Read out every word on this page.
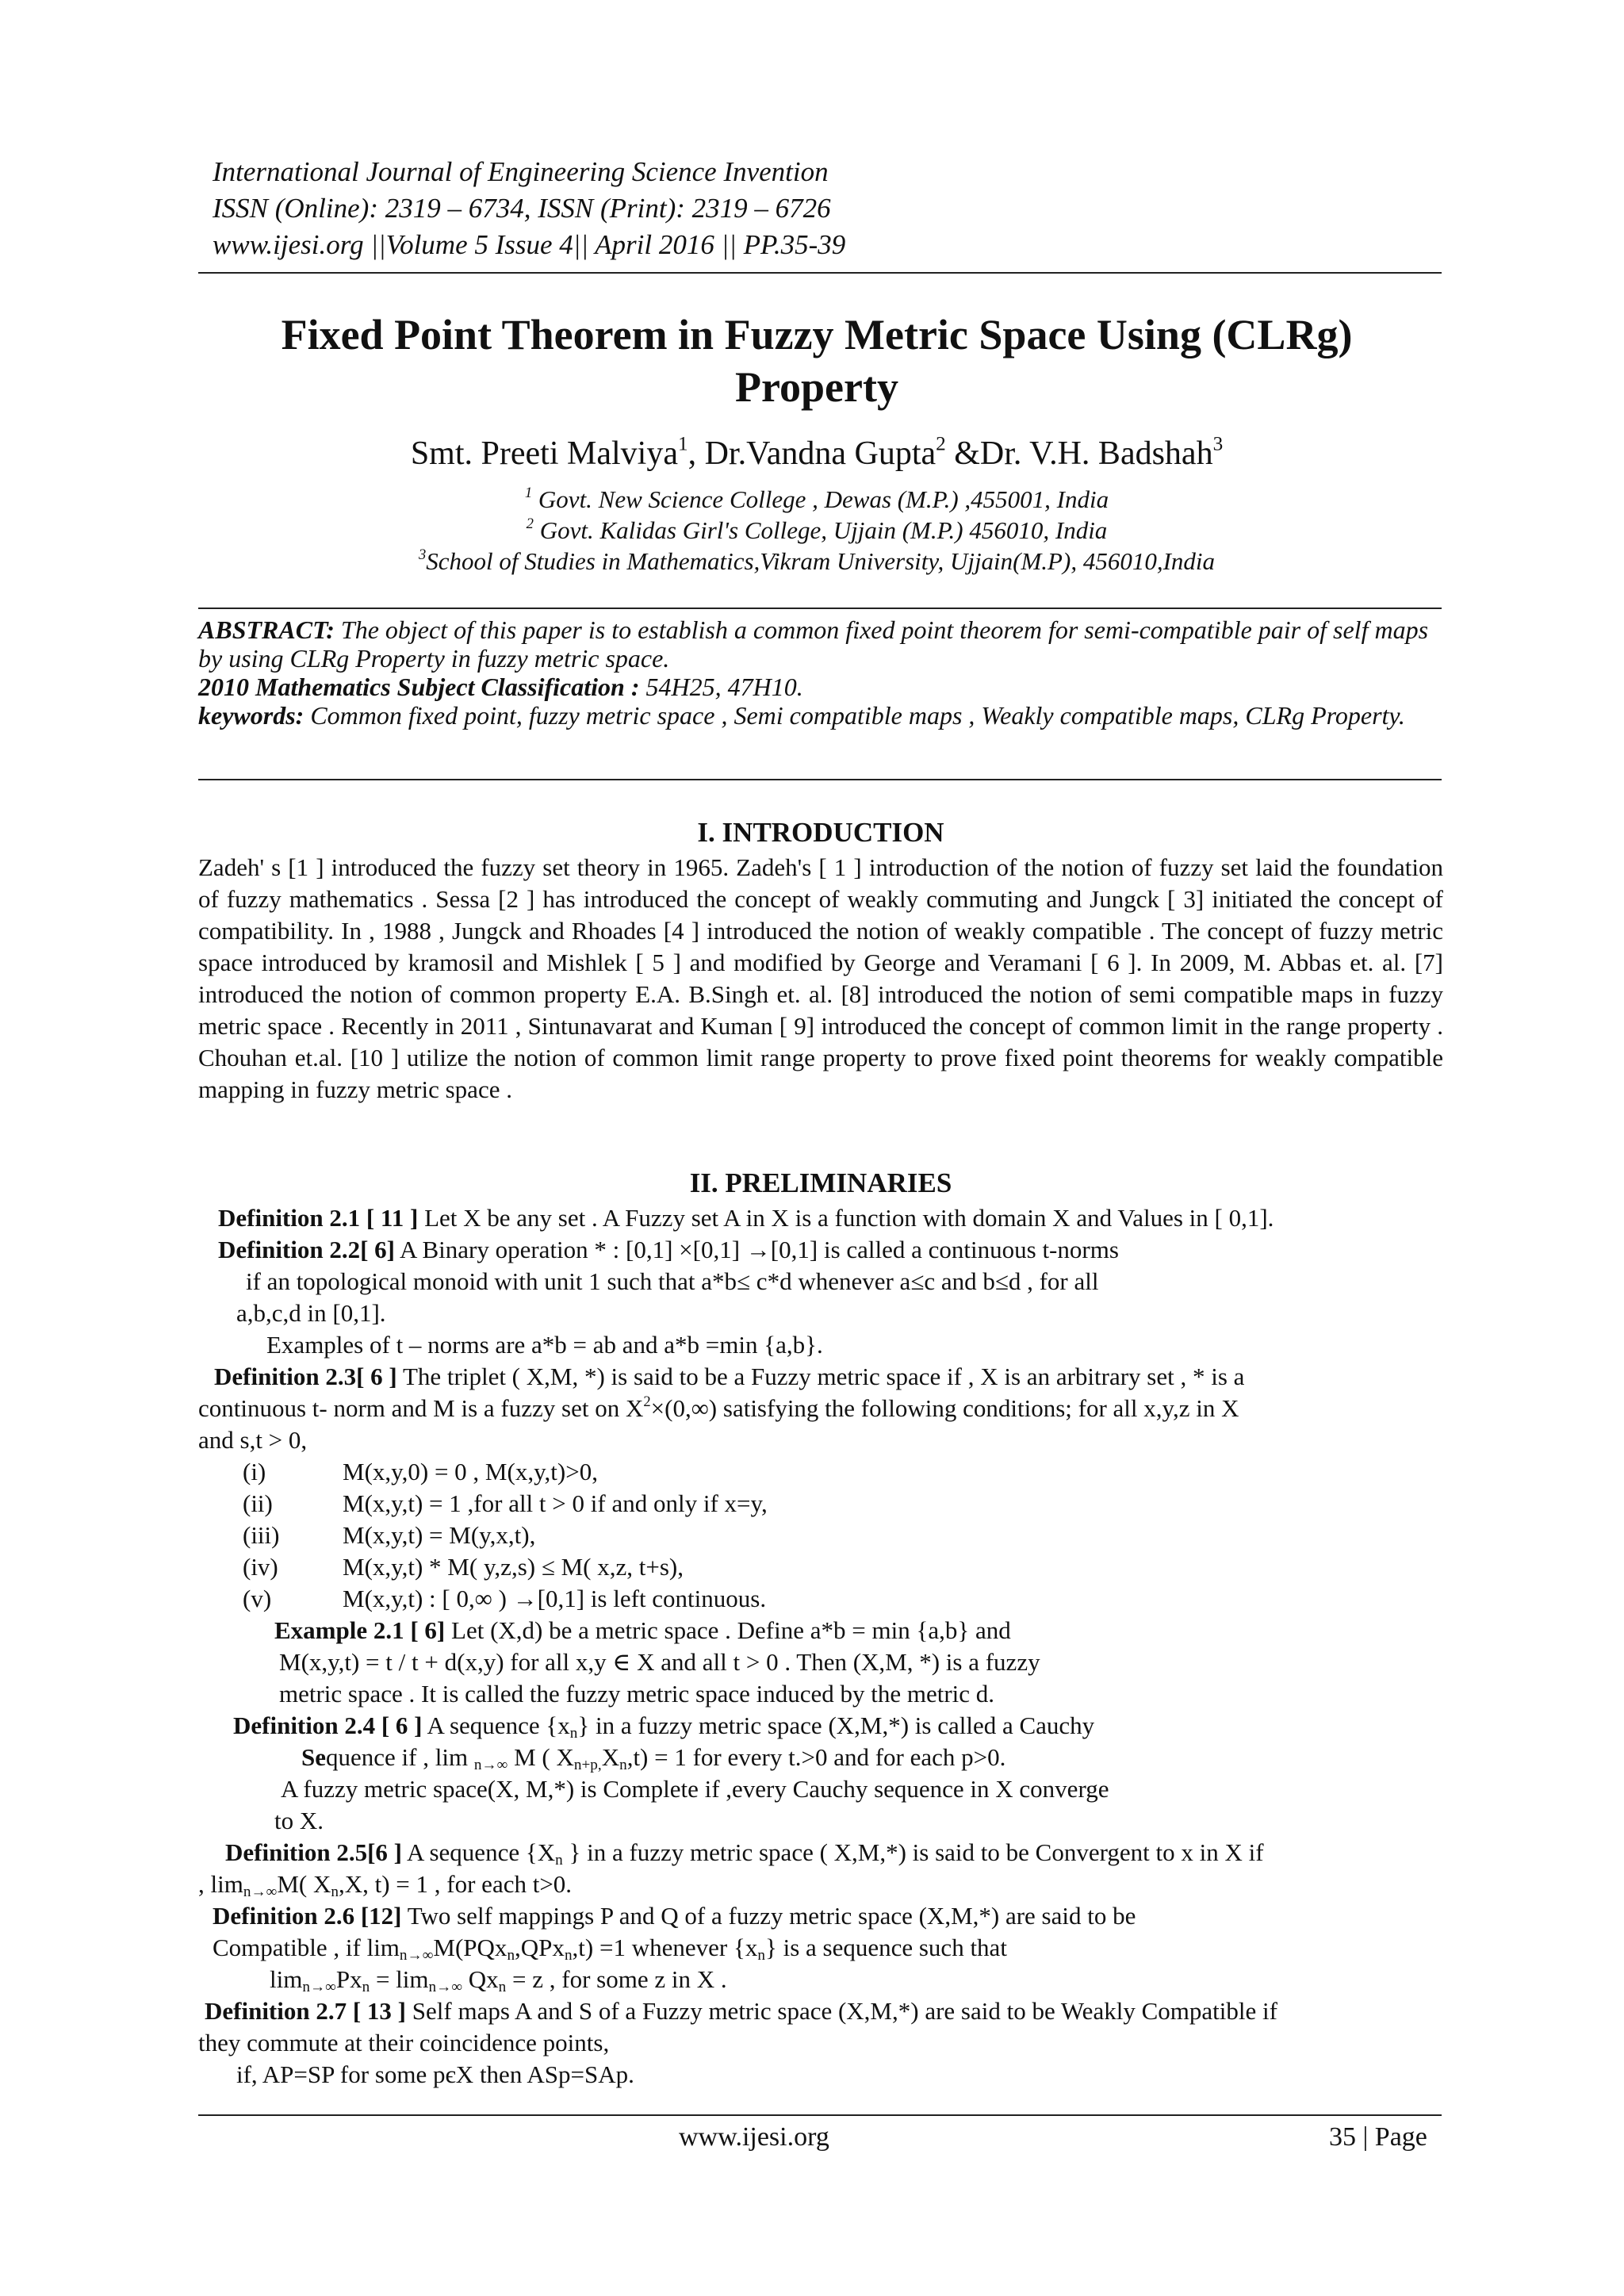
International Journal of Engineering Science Invention
ISSN (Online): 2319 – 6734, ISSN (Print): 2319 – 6726
www.ijesi.org ||Volume 5 Issue 4|| April 2016 || PP.35-39
Fixed Point Theorem in Fuzzy Metric Space Using (CLRg)
Property
Smt. Preeti Malviya$^1$, Dr.Vandna Gupta$^2$ &Dr. V.H. Badshah$^3$
$^1$ Govt. New Science College , Dewas (M.P.) ,455001, India
$^2$ Govt. Kalidas Girl's College, Ujjain (M.P.) 456010, India
$^3$School of Studies in Mathematics,Vikram University, Ujjain(M.P), 456010,India
ABSTRACT: The object of this paper is to establish a common fixed point theorem for semi-compatible pair of self maps by using CLRg Property in fuzzy metric space.
2010 Mathematics Subject Classification : 54H25, 47H10.
keywords: Common fixed point, fuzzy metric space , Semi compatible maps , Weakly compatible maps, CLRg Property.
I. INTRODUCTION
Zadeh' s [1 ] introduced the fuzzy set theory in 1965. Zadeh's [ 1 ] introduction of the notion of fuzzy set laid the foundation of fuzzy mathematics . Sessa [2 ] has introduced the concept of weakly commuting and Jungck [ 3] initiated the concept of compatibility. In , 1988 , Jungck and Rhoades [4 ] introduced the notion of weakly compatible . The concept of fuzzy metric space introduced by kramosil and Mishlek [ 5 ] and modified by George and Veramani [ 6 ]. In 2009, M. Abbas et. al. [7] introduced the notion of common property E.A. B.Singh et. al. [8] introduced the notion of semi compatible maps in fuzzy metric space . Recently in 2011 , Sintunavarat and Kuman [ 9] introduced the concept of common limit in the range property . Chouhan et.al. [10 ] utilize the notion of common limit range property to prove fixed point theorems for weakly compatible mapping in fuzzy metric space .
II. PRELIMINARIES
Definition 2.1 [ 11 ] Let X be any set . A Fuzzy set A in X is a function with domain X and Values in [ 0,1].
Definition 2.2[ 6] A Binary operation * : [0,1] ×[0,1] →[0,1] is called a continuous t-norms
if an topological monoid with unit 1 such that a*b≤ c*d whenever a≤c and b≤d , for all
a,b,c,d in [0,1].
Examples of t – norms are a*b = ab and a*b =min {a,b}.
Definition 2.3[ 6 ] The triplet ( X,M, *) is said to be a Fuzzy metric space if , X is an arbitrary set , * is a
continuous t- norm and M is a fuzzy set on $X^2\times(0,\infty)$ satisfying the following conditions; for all x,y,z in X
and s,t > 0,
(i)	M(x,y,0) = 0 , M(x,y,t)>0,
(ii)	M(x,y,t) = 1 ,for all t > 0 if and only if x=y,
(iii)	M(x,y,t) = M(y,x,t),
(iv)	M(x,y,t) * M( y,z,s) ≤ M( x,z, t+s),
(v)	M(x,y,t) : [ 0,∞ ) →[0,1] is left continuous.
Example 2.1 [ 6] Let (X,d) be a metric space . Define a*b = min {a,b} and
M(x,y,t) = t / t + d(x,y) for all x,y ∈ X and all t > 0 . Then (X,M, *) is a fuzzy
metric space . It is called the fuzzy metric space induced by the metric d.
Definition 2.4 [ 6 ] A sequence $\{x_n\}$ in a fuzzy metric space (X,M,*) is called a Cauchy
Sequence if , lim $_{n\to\infty}$ M ( $X_{n+p,}X_n,t) = 1$ for every t.>0 and for each p>0.
A fuzzy metric space(X, M,*) is Complete if ,every Cauchy sequence in X converge
to X.
Definition 2.5[6 ] A sequence {$X_n$ } in a fuzzy metric space ( X,M,*) is said to be Convergent to x in X if
, $\lim_{n\to\infty}M$( $X_n,X$, t) = 1 , for each t>0.
Definition 2.6 [12] Two self mappings P and Q of a fuzzy metric space (X,M,*) are said to be
Compatible , if $\lim_{n\to\infty}M(PQx_n,QPx_n,t) =1$ whenever $\{x_n\}$ is a sequence such that
$\lim_{n\to\infty}Px_n = \lim_{n\to\infty} Qx_n = z$ , for some z in X .
Definition 2.7 [ 13 ] Self maps A and S of a Fuzzy metric space (X,M,*) are said to be Weakly Compatible if
they commute at their coincidence points,
if, AP=SP for some pєX then ASp=SAp.
www.ijesi.org	35 | Page
